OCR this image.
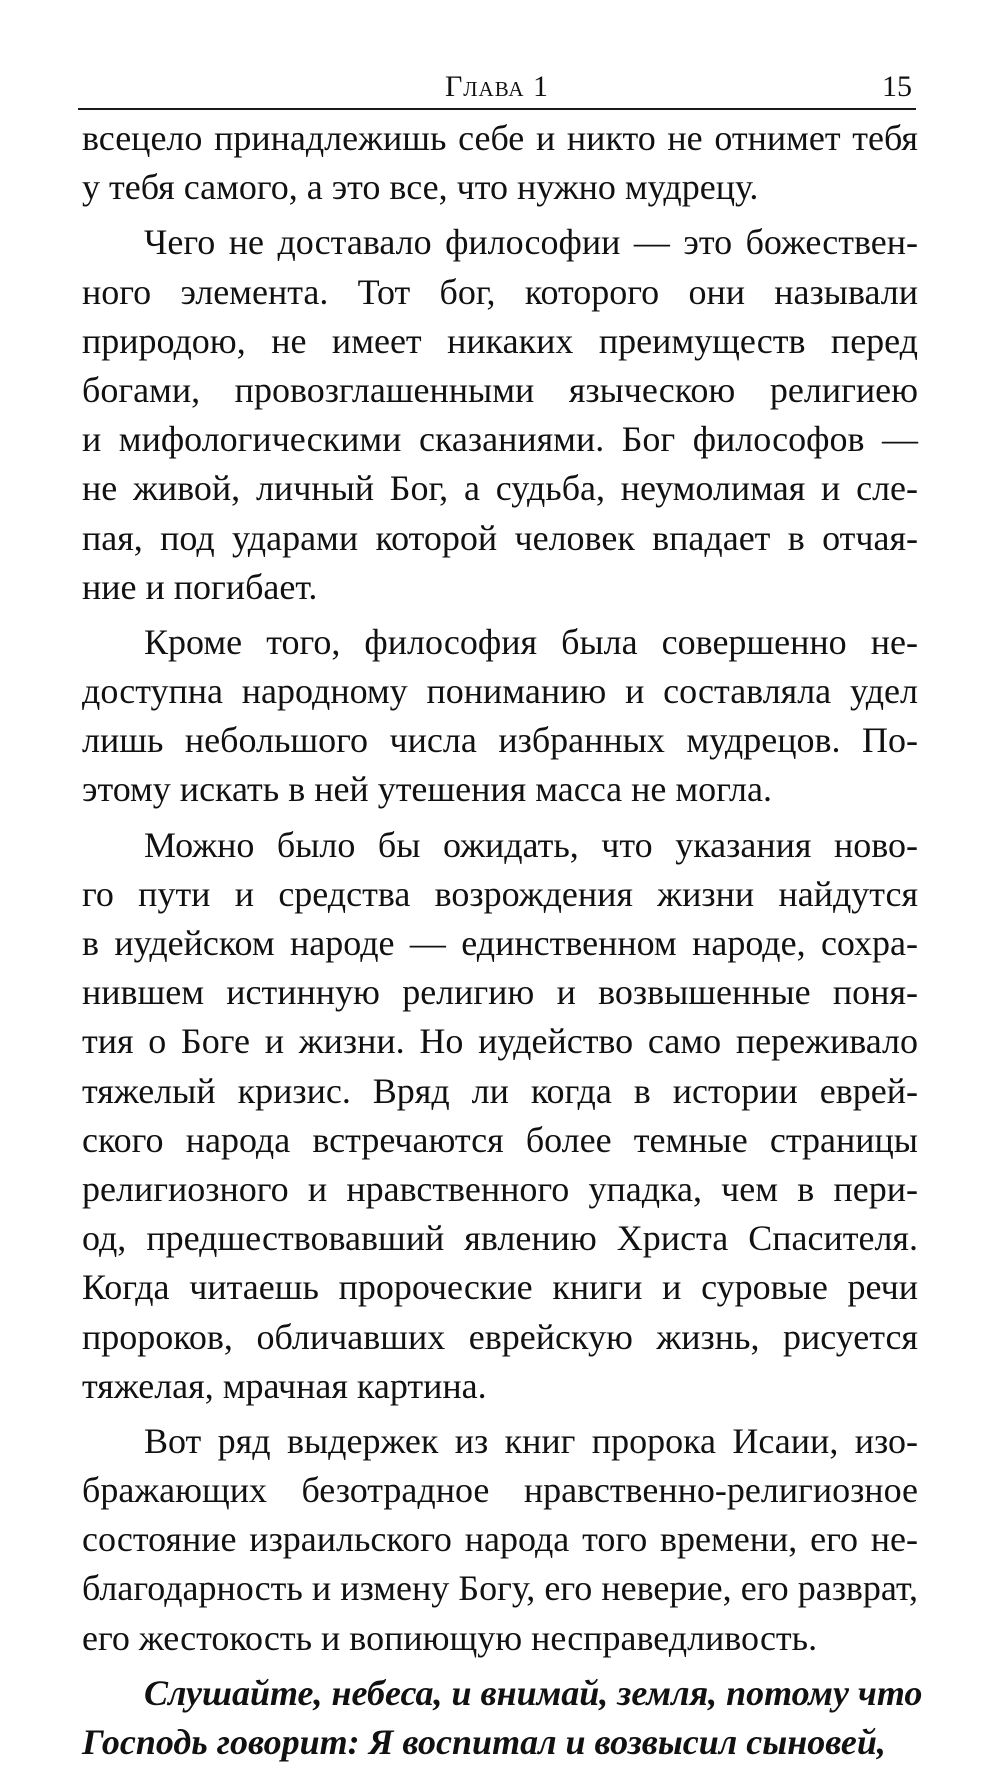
Глава 1	15
всецело принадлежишь себе и никто не отнимет тебя
у тебя самого, а это все, что нужно мудрецу.
Чего не доставало философии — это божествен-
ного элемента. Тот бог, которого они называли
природою, не имеет никаких преимуществ перед
богами, провозглашенными языческою религиею
и мифологическими сказаниями. Бог философов —
не живой, личный Бог, а судьба, неумолимая и сле-
пая, под ударами которой человек впадает в отчая-
ние и погибает.
Кроме того, философия была совершенно не-
доступна народному пониманию и составляла удел
лишь небольшого числа избранных мудрецов. По-
этому искать в ней утешения масса не могла.
Можно было бы ожидать, что указания ново-
го пути и средства возрождения жизни найдутся
в иудейском народе — единственном народе, сохра-
нившем истинную религию и возвышенные поня-
тия о Боге и жизни. Но иудейство само переживало
тяжелый кризис. Вряд ли когда в истории еврей-
ского народа встречаются более темные страницы
религиозного и нравственного упадка, чем в пери-
од, предшествовавший явлению Христа Спасителя.
Когда читаешь пророческие книги и суровые речи
пророков, обличавших еврейскую жизнь, рисуется
тяжелая, мрачная картина.
Вот ряд выдержек из книг пророка Исаии, изо-
бражающих безотрадное нравственно-религиозное
состояние израильского народа того времени, его не-
благодарность и измену Богу, его неверие, его разврат,
его жестокость и вопиющую несправедливость.
Слушайте, небеса, и внимай, земля, потому что
Господь говорит: Я воспитал и возвысил сыновей,
